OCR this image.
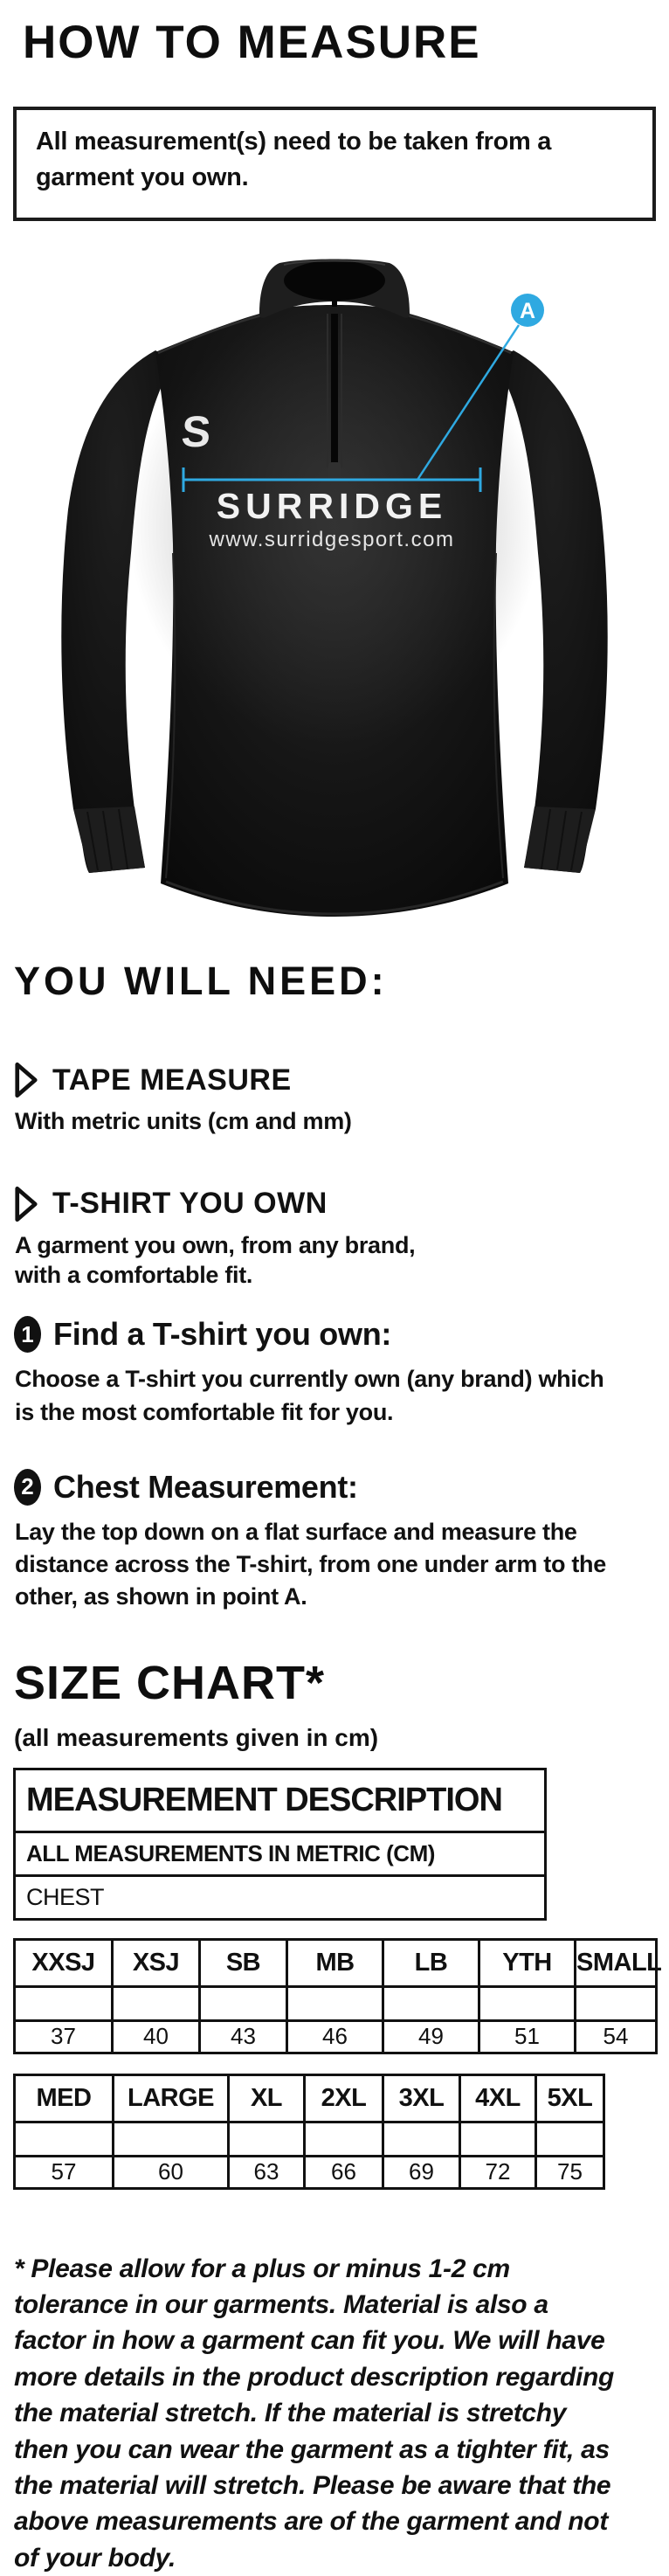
HOW TO MEASURE
All measurement(s) need to be taken from a garment you own.
S
SURRIDGE
www.surridgesport.com
A
YOU WILL NEED:
TAPE MEASURE
With metric units (cm and mm)
T-SHIRT YOU OWN
A garment you own, from any brand, with a comfortable fit.
1 Find a T-shirt you own:
Choose a T-shirt you currently own (any brand) which is the most comfortable fit for you.
2 Chest Measurement:
Lay the top down on a flat surface and measure the distance across the T-shirt, from one under arm to the other, as shown in point A.
SIZE CHART*
(all measurements given in cm)
MEASUREMENT DESCRIPTION
ALL MEASUREMENTS IN METRIC (CM)
CHEST
XXSJ	XSJ	SB	MB	LB	YTH	SMALL

37	40	43	46	49	51	54
MED	LARGE	XL	2XL	3XL	4XL	5XL

57	60	63	66	69	72	75

* Please allow for a plus or minus 1-2 cm tolerance in our garments. Material is also a factor in how a garment can fit you. We will have more details in the product description regarding the material stretch. If the material is stretchy then you can wear the garment as a tighter fit, as the material will stretch. Please be aware that the above measurements are of the garment and not of your body.
